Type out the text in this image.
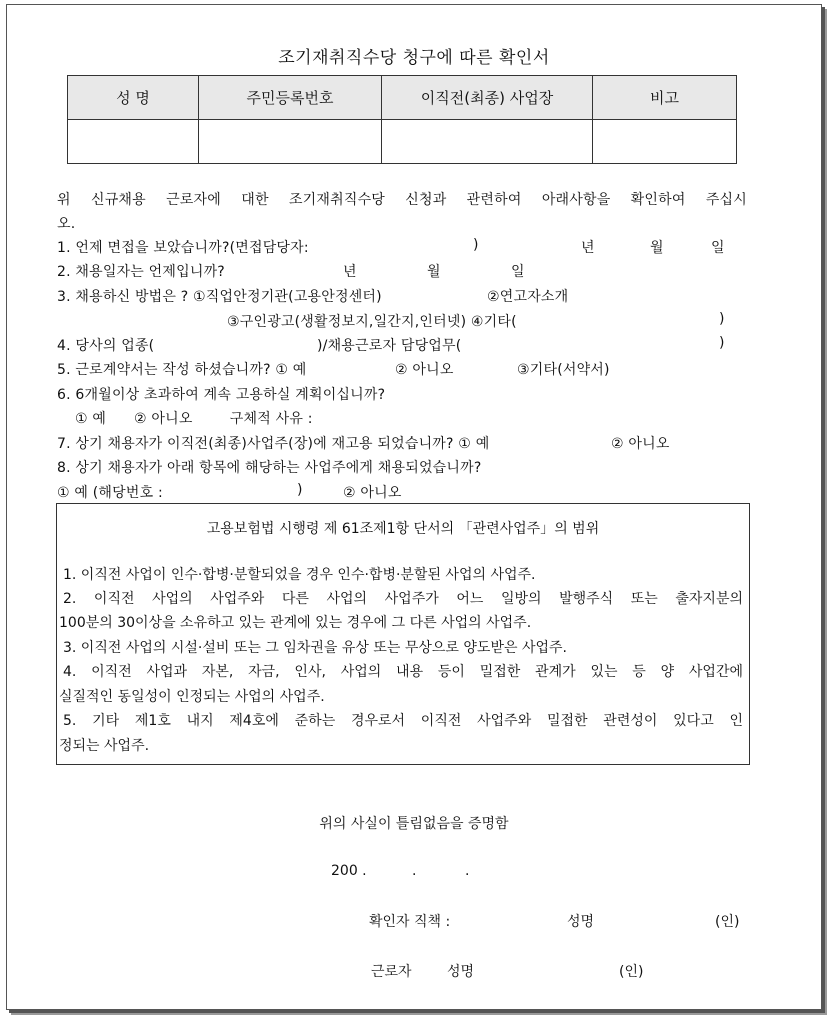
조기재취직수당 청구에 따른 확인서
성 명	주민등록번호	이직전(최종) 사업장	비고

위 신규채용 근로자에 대한 조기재취직수당 신청과 관련하여 아래사항을 확인하여 주십시
오.
1. 언제 면접을 보았습니까?(면접담당자:	)	년	월	일
2. 채용일자는 언제입니까?	년	월	일
3. 채용하신 방법은 ? ①직업안정기관(고용안정센터)	②연고자소개
③구인광고(생활정보지,일간지,인터넷) ④기타(	)
4. 당사의 업종(	)/채용근로자 담당업무(	)
5. 근로계약서는 작성 하셨습니까? ① 예	② 아니오	③기타(서약서)
6. 6개월이상 초과하여 계속 고용하실 계획이십니까?
① 예      ② 아니오        구체적 사유 :
7. 상기 채용자가 이직전(최종)사업주(장)에 재고용 되었습니까? ① 예	② 아니오
8. 상기 채용자가 아래 항목에 해당하는 사업주에게 채용되었습니까?
① 예 (해당번호 :	)	② 아니오
고용보험법 시행령 제 61조제1항 단서의 「관련사업주」의 범위
1. 이직전 사업이 인수·합병·분할되었을 경우 인수·합병·분할된 사업의 사업주.
2. 이직전 사업의 사업주와 다른 사업의 사업주가 어느 일방의 발행주식 또는 출자지분의
100분의 30이상을 소유하고 있는 관계에 있는 경우에 그 다른 사업의 사업주.
3. 이직전 사업의 시설·설비 또는 그 임차권을 유상 또는 무상으로 양도받은 사업주.
4. 이직전 사업과 자본, 자금, 인사, 사업의 내용 등이 밀접한 관계가 있는 등 양 사업간에
실질적인 동일성이 인정되는 사업의 사업주.
5. 기타 제1호 내지 제4호에 준하는 경우로서 이직전 사업주와 밀접한 관련성이 있다고 인
정되는 사업주.
위의 사실이 틀림없음을 증명함
200 .	.	.
확인자 직책 :	성명	(인)
근로자	성명	(인)
